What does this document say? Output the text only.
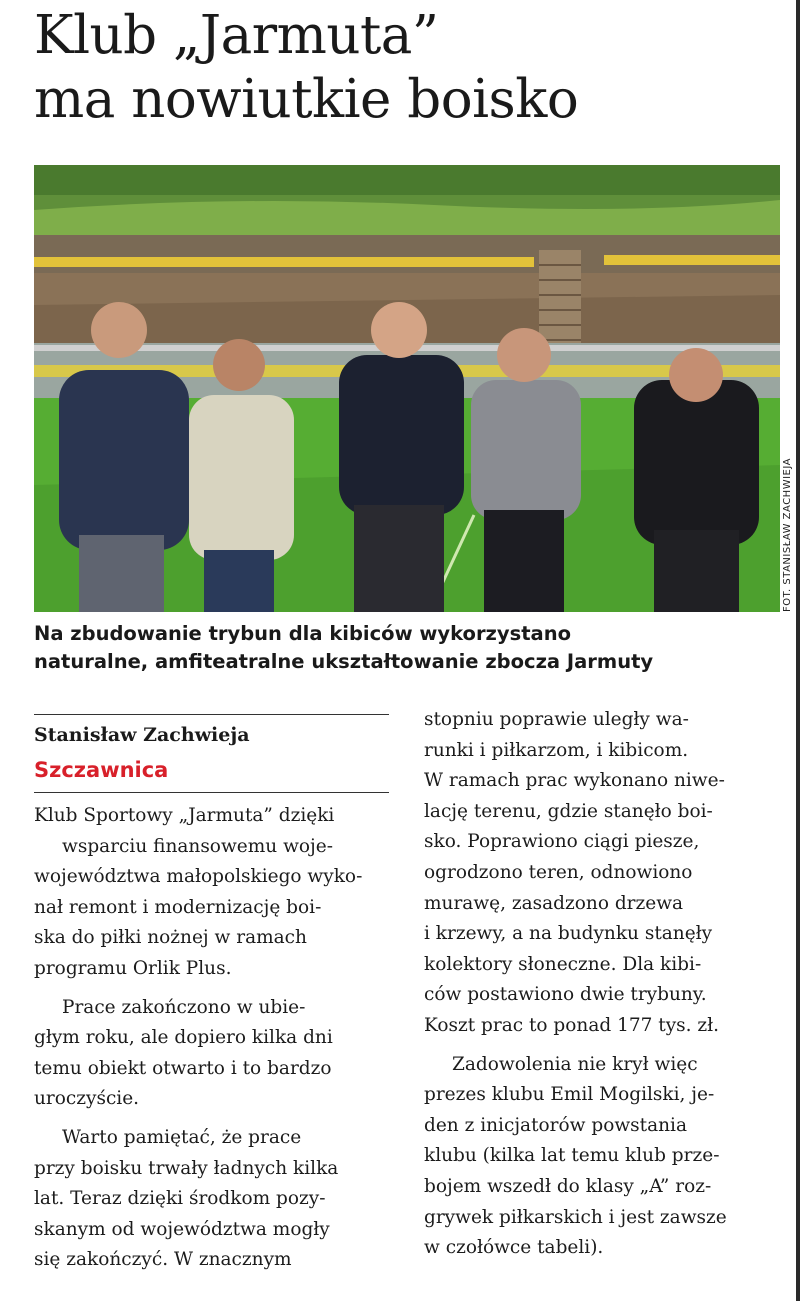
Klub „Jarmuta”
ma nowiutkie boisko
FOT. STANISŁAW ZACHWIEJA
Na zbudowanie trybun dla kibiców wykorzystano
naturalne, amfiteatralne ukształtowanie zbocza Jarmuty
Stanisław Zachwieja
Szczawnica
Klub Sportowy „Jarmuta” dzięki
wsparciu finansowemu woje-
województwa małopolskiego wyko-
nał remont i modernizację boi-
ska do piłki nożnej w ramach
programu Orlik Plus.
Prace zakończono w ubie-
głym roku, ale dopiero kilka dni
temu obiekt otwarto i to bardzo
uroczyście.
Warto pamiętać, że prace
przy boisku trwały ładnych kilka
lat. Teraz dzięki środkom pozy-
skanym od województwa mogły
się zakończyć. W znacznym
stopniu poprawie uległy wa-
runki i piłkarzom, i kibicom.
W ramach prac wykonano niwe-
lację terenu, gdzie stanęło boi-
sko. Poprawiono ciągi piesze,
ogrodzono teren, odnowiono
murawę, zasadzono drzewa
i krzewy, a na budynku stanęły
kolektory słoneczne. Dla kibi-
ców postawiono dwie trybuny.
Koszt prac to ponad 177 tys. zł.
Zadowolenia nie krył więc
prezes klubu Emil Mogilski, je-
den z inicjatorów powstania
klubu (kilka lat temu klub prze-
bojem wszedł do klasy „A” roz-
grywek piłkarskich i jest zawsze
w czołówce tabeli).
